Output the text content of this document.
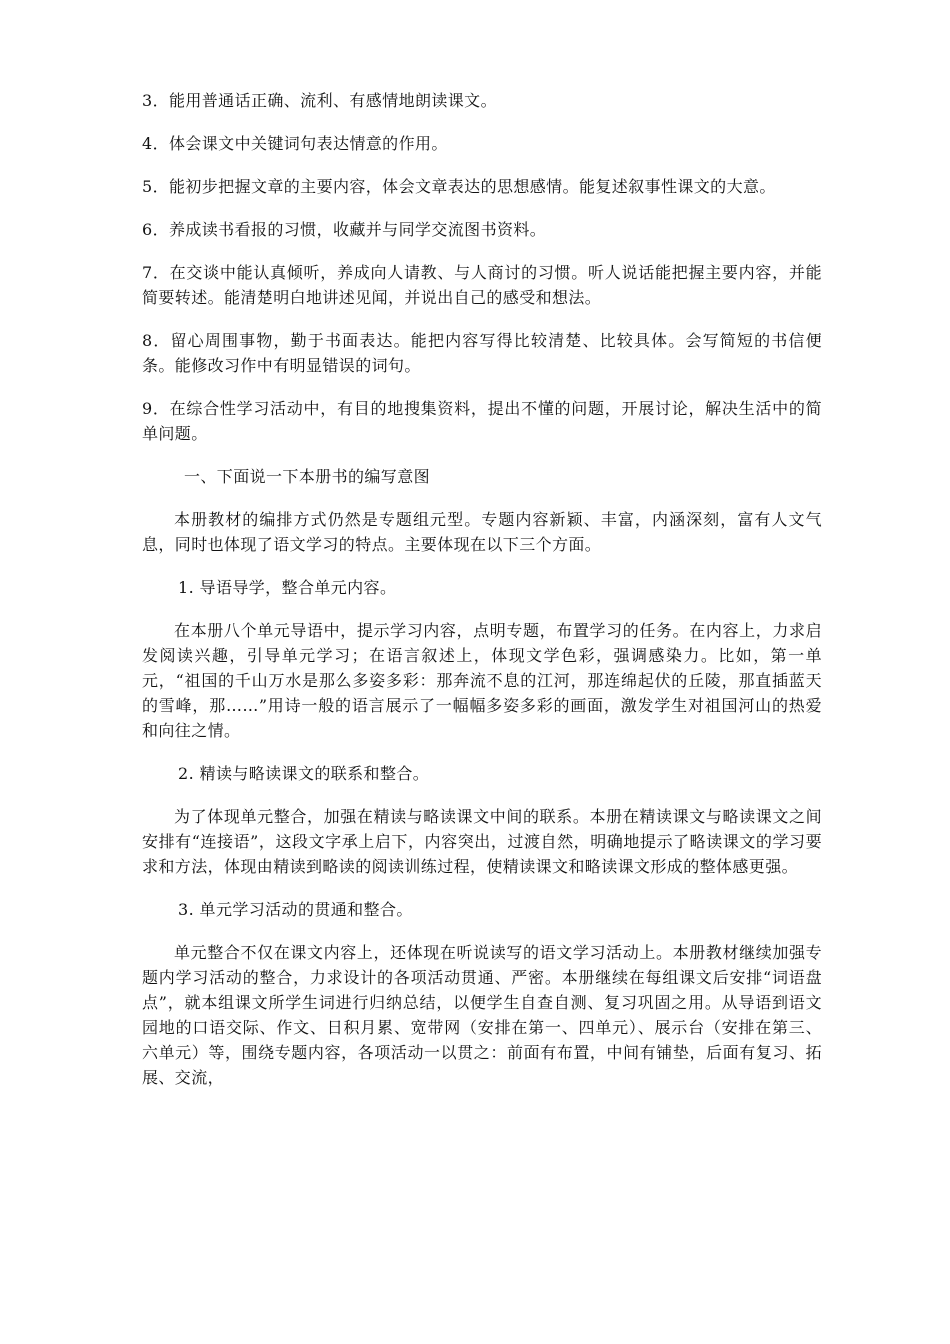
3．能用普通话正确、流利、有感情地朗读课文。

4．体会课文中关键词句表达情意的作用。

5．能初步把握文章的主要内容，体会文章表达的思想感情。能复述叙事性课文的大意。

6．养成读书看报的习惯，收藏并与同学交流图书资料。

7．在交谈中能认真倾听，养成向人请教、与人商讨的习惯。听人说话能把握主要内容，并能简要转述。能清楚明白地讲述见闻，并说出自己的感受和想法。

8．留心周围事物，勤于书面表达。能把内容写得比较清楚、比较具体。会写简短的书信便条。能修改习作中有明显错误的词句。

9．在综合性学习活动中，有目的地搜集资料，提出不懂的问题，开展讨论，解决生活中的简单问题。

一、下面说一下本册书的编写意图

本册教材的编排方式仍然是专题组元型。专题内容新颖、丰富，内涵深刻，富有人文气息，同时也体现了语文学习的特点。主要体现在以下三个方面。

1. 导语导学，整合单元内容。

在本册八个单元导语中，提示学习内容，点明专题，布置学习的任务。在内容上，力求启发阅读兴趣，引导单元学习；在语言叙述上，体现文学色彩，强调感染力。比如，第一单元，“祖国的千山万水是那么多姿多彩：那奔流不息的江河，那连绵起伏的丘陵，那直插蓝天的雪峰，那……”用诗一般的语言展示了一幅幅多姿多彩的画面，激发学生对祖国河山的热爱和向往之情。

2. 精读与略读课文的联系和整合。

为了体现单元整合，加强在精读与略读课文中间的联系。本册在精读课文与略读课文之间安排有“连接语”，这段文字承上启下，内容突出，过渡自然，明确地提示了略读课文的学习要求和方法，体现由精读到略读的阅读训练过程，使精读课文和略读课文形成的整体感更强。

3. 单元学习活动的贯通和整合。

单元整合不仅在课文内容上，还体现在听说读写的语文学习活动上。本册教材继续加强专题内学习活动的整合，力求设计的各项活动贯通、严密。本册继续在每组课文后安排“词语盘点”，就本组课文所学生词进行归纳总结，以便学生自查自测、复习巩固之用。从导语到语文园地的口语交际、作文、日积月累、宽带网（安排在第一、四单元）、展示台（安排在第三、六单元）等，围绕专题内容，各项活动一以贯之：前面有布置，中间有铺垫，后面有复习、拓展、交流，
